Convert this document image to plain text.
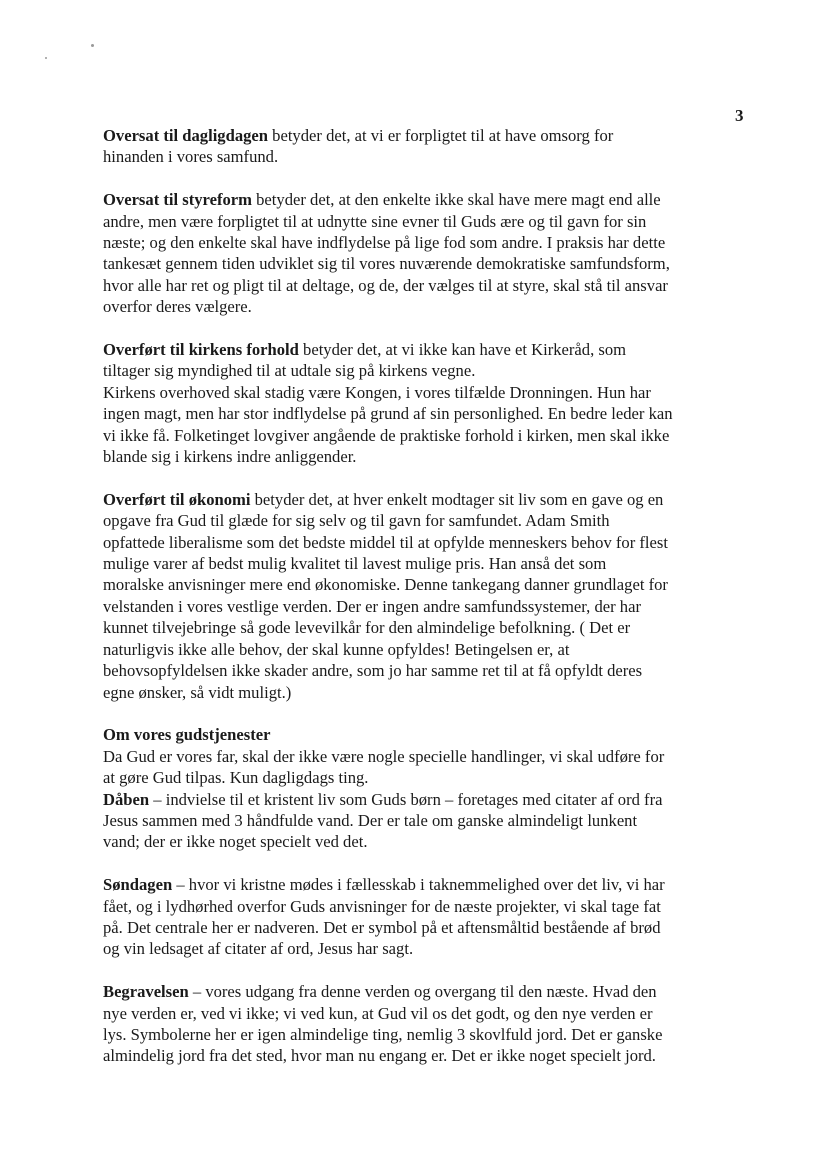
3
Oversat til dagligdagen betyder det, at vi er forpligtet til at have omsorg for
hinanden i vores samfund.
Oversat til styreform betyder det, at den enkelte ikke skal have mere magt end alle
andre, men være forpligtet til at udnytte sine evner til Guds ære og til gavn for sin
næste; og den enkelte skal have indflydelse på lige fod som andre. I praksis har dette
tankesæt gennem tiden udviklet sig til vores nuværende demokratiske samfundsform,
hvor alle har ret og pligt til at deltage, og de, der vælges til at styre, skal stå til ansvar
overfor deres vælgere.
Overført til kirkens forhold betyder det, at vi ikke kan have et Kirkeråd, som
tiltager sig myndighed til at udtale sig på kirkens vegne.
Kirkens overhoved skal stadig være Kongen, i vores tilfælde Dronningen. Hun har
ingen magt, men har stor indflydelse på grund af sin personlighed. En bedre leder kan
vi ikke få. Folketinget lovgiver angående de praktiske forhold i kirken, men skal ikke
blande sig i kirkens indre anliggender.
Overført til økonomi betyder det, at hver enkelt modtager sit liv som en gave og en
opgave fra Gud til glæde for sig selv og til gavn for samfundet. Adam Smith
opfattede liberalisme som det bedste middel til at opfylde menneskers behov for flest
mulige varer af bedst mulig kvalitet til lavest mulige pris. Han anså det som
moralske anvisninger mere end økonomiske. Denne tankegang danner grundlaget for
velstanden i vores vestlige verden. Der er ingen andre samfundssystemer, der har
kunnet tilvejebringe så gode levevilkår for den almindelige befolkning. ( Det er
naturligvis ikke alle behov, der skal kunne opfyldes! Betingelsen er, at
behovsopfyldelsen ikke skader andre, som jo har samme ret til at få opfyldt deres
egne ønsker, så vidt muligt.)
Om vores gudstjenester
Da Gud er vores far, skal der ikke være nogle specielle handlinger, vi skal udføre for
at gøre Gud tilpas. Kun dagligdags ting.
Dåben – indvielse til et kristent liv som Guds børn – foretages med citater af ord fra
Jesus sammen med 3 håndfulde vand. Der er tale om ganske almindeligt lunkent
vand; der er ikke noget specielt ved det.
Søndagen – hvor vi kristne mødes i fællesskab i taknemmelighed over det liv, vi har
fået, og i lydhørhed overfor Guds anvisninger for de næste projekter, vi skal tage fat
på. Det centrale her er nadveren. Det er symbol på et aftensmåltid bestående af brød
og vin ledsaget af citater af ord, Jesus har sagt.
Begravelsen – vores udgang fra denne verden og overgang til den næste. Hvad den
nye verden er, ved vi ikke; vi ved kun, at Gud vil os det godt, og den nye verden er
lys. Symbolerne her er igen almindelige ting, nemlig 3 skovlfuld jord. Det er ganske
almindelig jord fra det sted, hvor man nu engang er. Det er ikke noget specielt jord.
